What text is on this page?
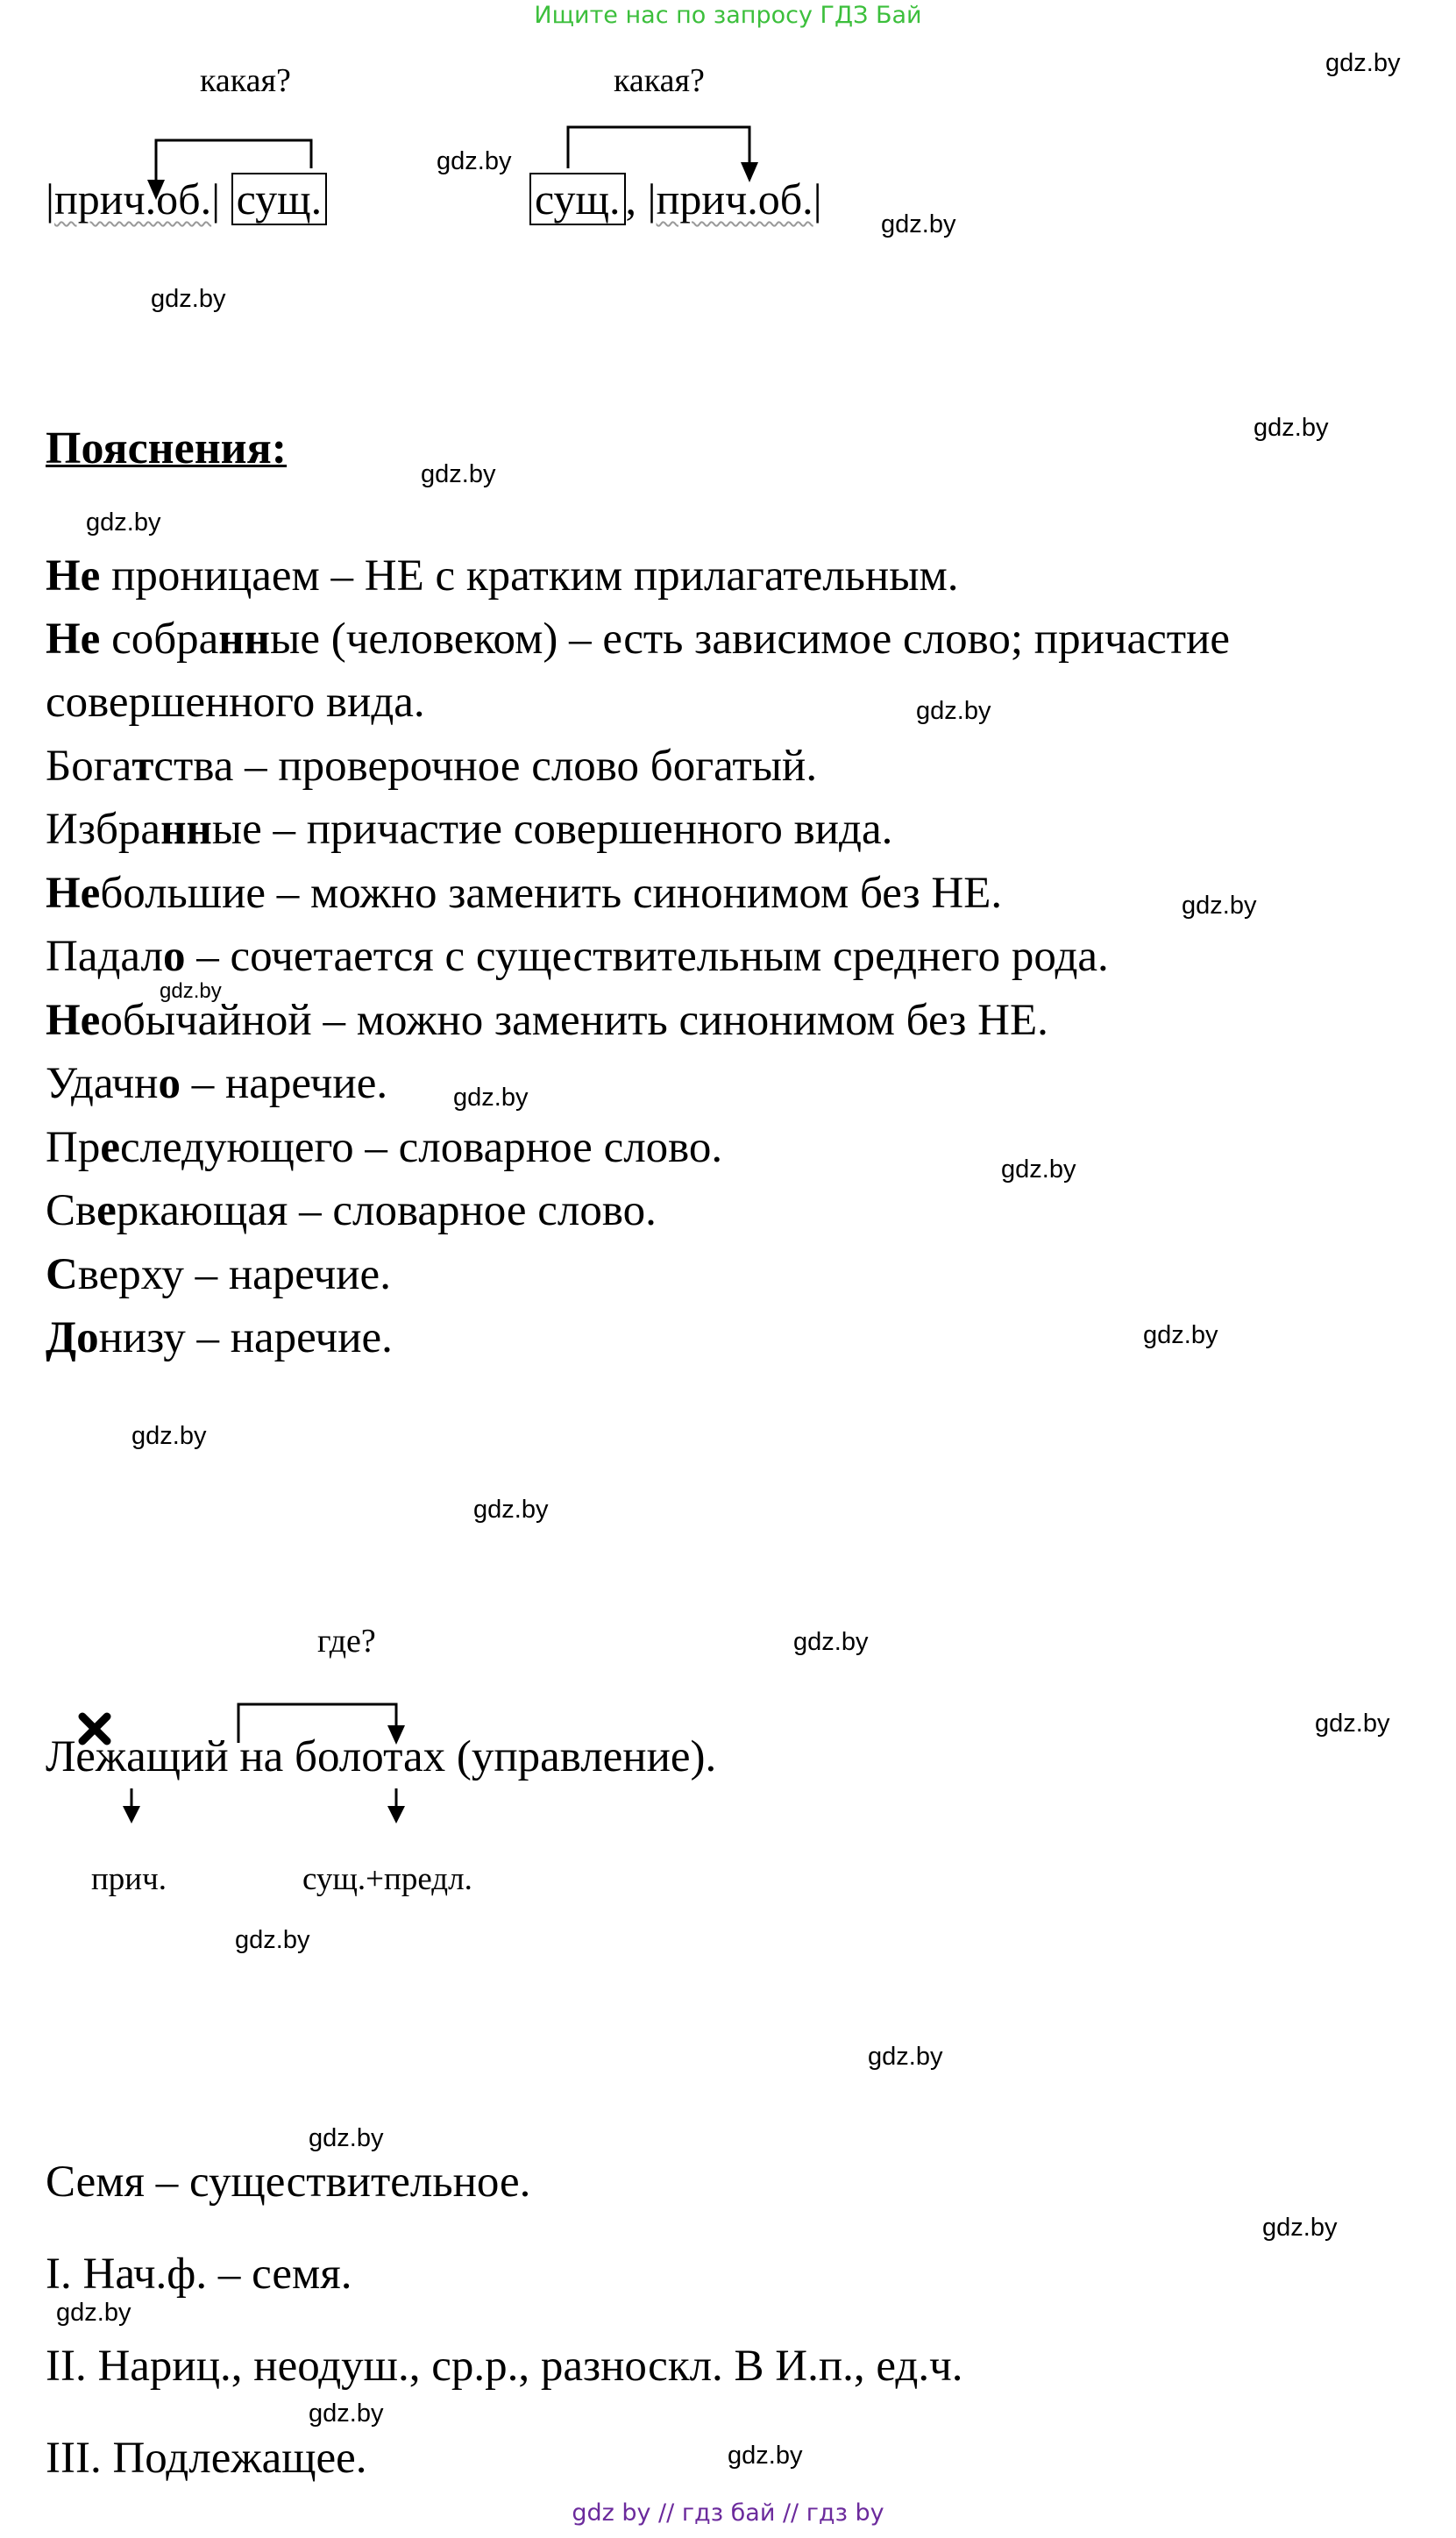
Ищите нас по запросу ГДЗ Бай
какая?	какая?
|прич.об.| сущ.	сущ. , |прич.об.|
gdz.by
gdz.by
gdz.by
gdz.by
gdz.by
gdz.by
gdz.by
gdz.by
gdz.by
gdz.by
gdz.by
gdz.by
gdz.by
gdz.by
gdz.by
gdz.by
gdz.by
gdz.by
gdz.by
gdz.by
gdz.by
gdz.by
gdz.by
gdz.by
Пояснения:
Не проницаем – НЕ с кратким прилагательным.
Не собранные (человеком) – есть зависимое слово; причастие
совершенного вида.
Богатства – проверочное слово богатый.
Избранные – причастие совершенного вида.
Небольшие – можно заменить синонимом без НЕ.
Падало – сочетается с существительным среднего рода.
Необычайной – можно заменить синонимом без НЕ.
Удачно – наречие.
Преследующего – словарное слово.
Сверкающая – словарное слово.
Сверху – наречие.
Донизу – наречие.
где?
Лежащий на болотах (управление).
прич.	сущ.+предл.
Семя – существительное.
I. Нач.ф. – семя.
II. Нариц., неодуш., ср.р., разноскл. В И.п., ед.ч.
III. Подлежащее.
gdz by // гдз бай // гдз by
